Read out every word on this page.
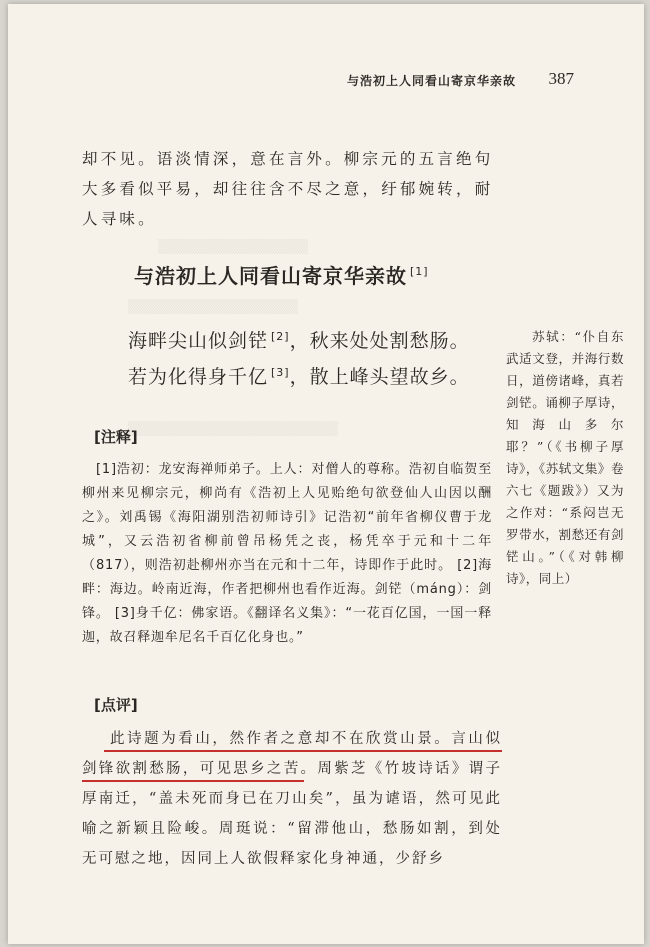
▒▒▒▒▒▒▒▒▒▒▒▒▒▒▒
▒▒▒▒▒▒▒▒▒▒▒▒▒▒▒▒▒
▒▒▒▒▒▒▒▒▒▒▒▒▒▒▒▒▒▒▒▒▒
与浩初上人同看山寄京华亲故 387

却不见。语淡情深，意在言外。柳宗元的五言绝句大多看似平易，却往往含不尽之意，纡郁婉转，耐人寻味。

与浩初上人同看山寄京华亲故 [1]
海畔尖山似剑铓 [2]，秋来处处割愁肠。
若为化得身千亿 [3]，散上峰头望故乡。
[注释]

[1]浩初：龙安海禅师弟子。上人：对僧人的尊称。浩初自临贺至柳州来见柳宗元，柳尚有《浩初上人见贻绝句欲登仙人山因以酬之》。刘禹锡《海阳湖别浩初师诗引》记浩初“前年省柳仪曹于龙城”，又云浩初省柳前曾吊杨凭之丧，杨凭卒于元和十二年（817），则浩初赴柳州亦当在元和十二年，诗即作于此时。 [2]海畔：海边。岭南近海，作者把柳州也看作近海。剑铓（máng）：剑锋。 [3]身千亿：佛家语。《翻译名义集》：“一花百亿国，一国一释迦，故召释迦牟尼名千百亿化身也。”

[点评]

此诗题为看山，然作者之意却不在欣赏山景。言山似剑锋欲割愁肠，可见思乡之苦。周紫芝《竹坡诗话》谓子厚南迁，“盖未死而身已在刀山矣”，虽为谑语，然可见此喻之新颖且险峻。周珽说：“留滞他山，愁肠如割，到处无可慰之地，因同上人欲假释家化身神通，少舒乡

苏轼：“仆自东武适文登，并海行数日，道傍诸峰，真若剑铓。诵柳子厚诗，知海山多尔耶？”（《书柳子厚诗》，《苏轼文集》卷六七《题跋》）又为之作对：“系闷岂无罗带水，割愁还有剑铓山。”（《对韩柳诗》，同上）
